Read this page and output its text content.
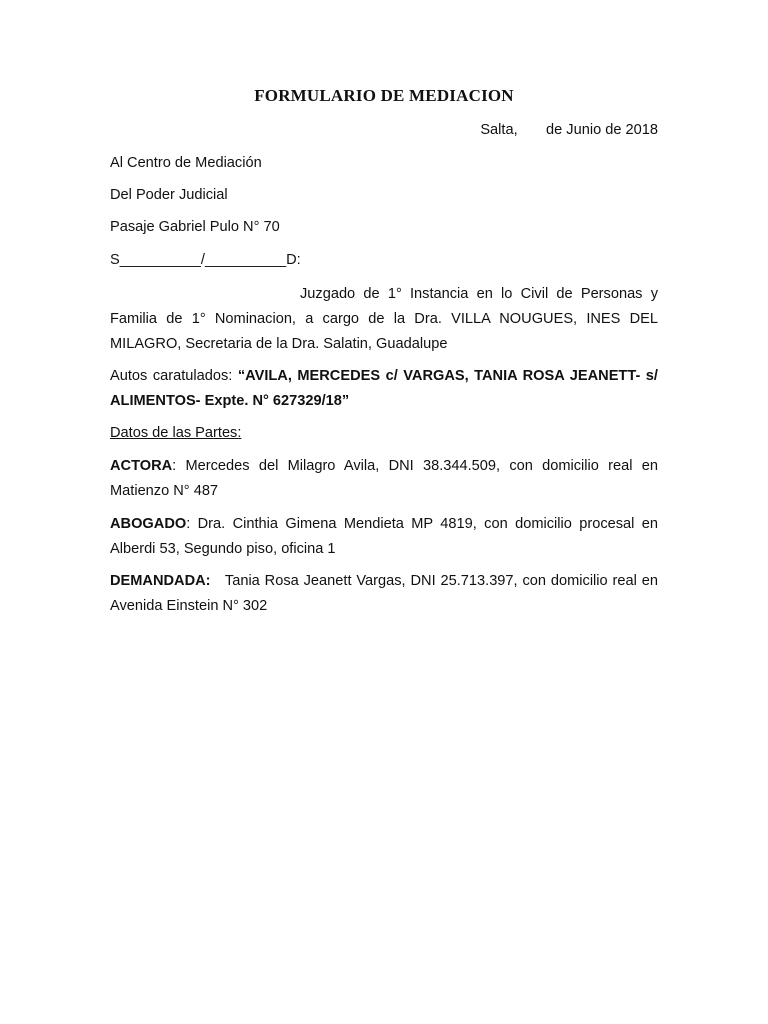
FORMULARIO DE MEDIACION
Salta,       de Junio de 2018
Al Centro de Mediación
Del Poder Judicial
Pasaje Gabriel Pulo N° 70
S__________/__________D:
Juzgado de 1° Instancia en lo Civil de Personas y Familia de 1° Nominacion, a cargo de la Dra. VILLA NOUGUES, INES DEL MILAGRO, Secretaria de la Dra. Salatin, Guadalupe
Autos caratulados: “AVILA, MERCEDES c/ VARGAS, TANIA ROSA JEANETT- s/ ALIMENTOS- Expte. N° 627329/18”
Datos de las Partes:
ACTORA: Mercedes del Milagro Avila, DNI 38.344.509, con domicilio real en Matienzo N° 487
ABOGADO: Dra. Cinthia Gimena Mendieta MP 4819, con domicilio procesal en Alberdi 53, Segundo piso, oficina 1
DEMANDADA:   Tania Rosa Jeanett Vargas, DNI 25.713.397, con domicilio real en Avenida Einstein N° 302
